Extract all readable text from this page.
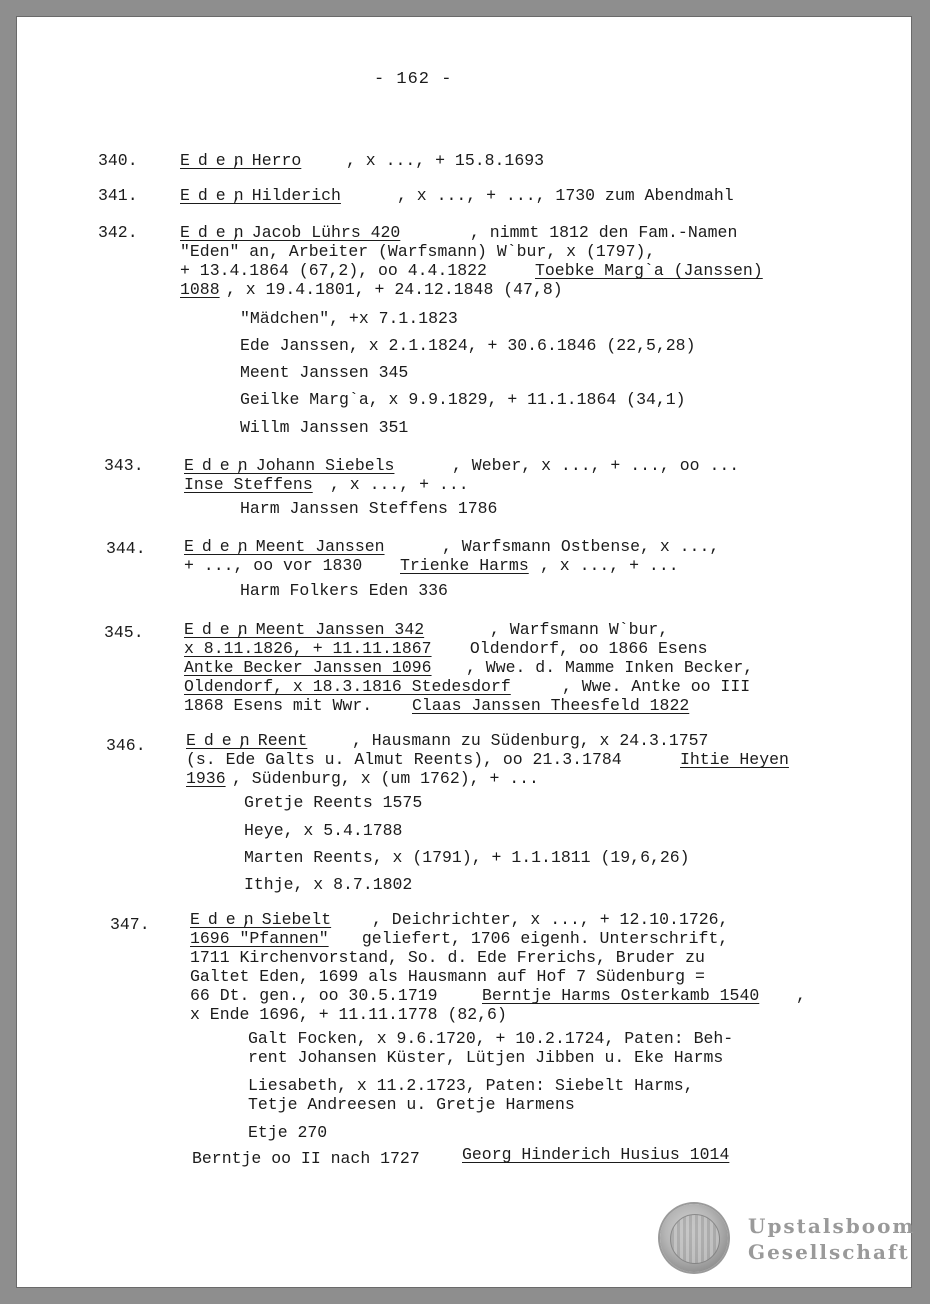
- 162 -
340.	Eden
, Herro	, x ..., + 15.8.1693
341.	Eden
, Hilderich	, x ..., + ..., 1730 zum Abendmahl
342.	Eden
, Jacob Lührs 420	, nimmt 1812 den Fam.-Namen
"Eden" an, Arbeiter (Warfsmann) W`bur, x (1797),
+ 13.4.1864 (67,2), oo 4.4.1822 Toebke Marg`a (Janssen)
1088 , x 19.4.1801, + 24.12.1848 (47,8)
"Mädchen", +x 7.1.1823
Ede Janssen, x 2.1.1824, + 30.6.1846 (22,5,28)
Meent Janssen 345
Geilke Marg`a, x 9.9.1829, + 11.1.1864 (34,1)
Willm Janssen 351
343. Eden
, Johann Siebels	, Weber, x ..., + ..., oo ...
Inse Steffens , x ..., + ...
Harm Janssen Steffens 1786
344. Eden
, Meent Janssen	, Warfsmann Ostbense, x ...,
+ ..., oo vor 1830 Trienke Harms , x ..., + ...
Harm Folkers Eden 336
345. Eden
, Meent Janssen 342	, Warfsmann W`bur,
x 8.11.1826, + 11.11.1867 Oldendorf, oo 1866 Esens
Antke Becker Janssen 1096 , Wwe. d. Mamme Inken Becker,
Oldendorf, x 18.3.1816 Stedesdorf	, Wwe. Antke oo III
1868 Esens mit Wwr. Claas Janssen Theesfeld 1822
346. Eden
, Reent	, Hausmann zu Südenburg, x 24.3.1757
(s. Ede Galts u. Almut Reents), oo 21.3.1784	Ihtie Heyen
1936 , Südenburg, x (um 1762), + ...
Gretje Reents 1575
Heye, x 5.4.1788
Marten Reents, x (1791), + 1.1.1811 (19,6,26)
Ithje, x 8.7.1802
347. Eden
, Siebelt , Deichrichter, x ..., + 12.10.1726,
1696 "Pfannen" geliefert, 1706 eigenh. Unterschrift,
1711 Kirchenvorstand, So. d. Ede Frerichs, Bruder zu
Galtet Eden, 1699 als Hausmann auf Hof 7 Südenburg =
66 Dt. gen., oo 30.5.1719 Berntje Harms Osterkamb 1540 ,
x Ende 1696, + 11.11.1778 (82,6)
Galt Focken, x 9.6.1720, + 10.2.1724, Paten: Beh-
rent Johansen Küster, Lütjen Jibben u. Eke Harms
Liesabeth, x 11.2.1723, Paten: Siebelt Harms,
Tetje Andreesen u. Gretje Harmens
Etje 270
Berntje oo II nach 1727 Georg Hinderich Husius 1014
Upstalsboom
Gesellschaft
